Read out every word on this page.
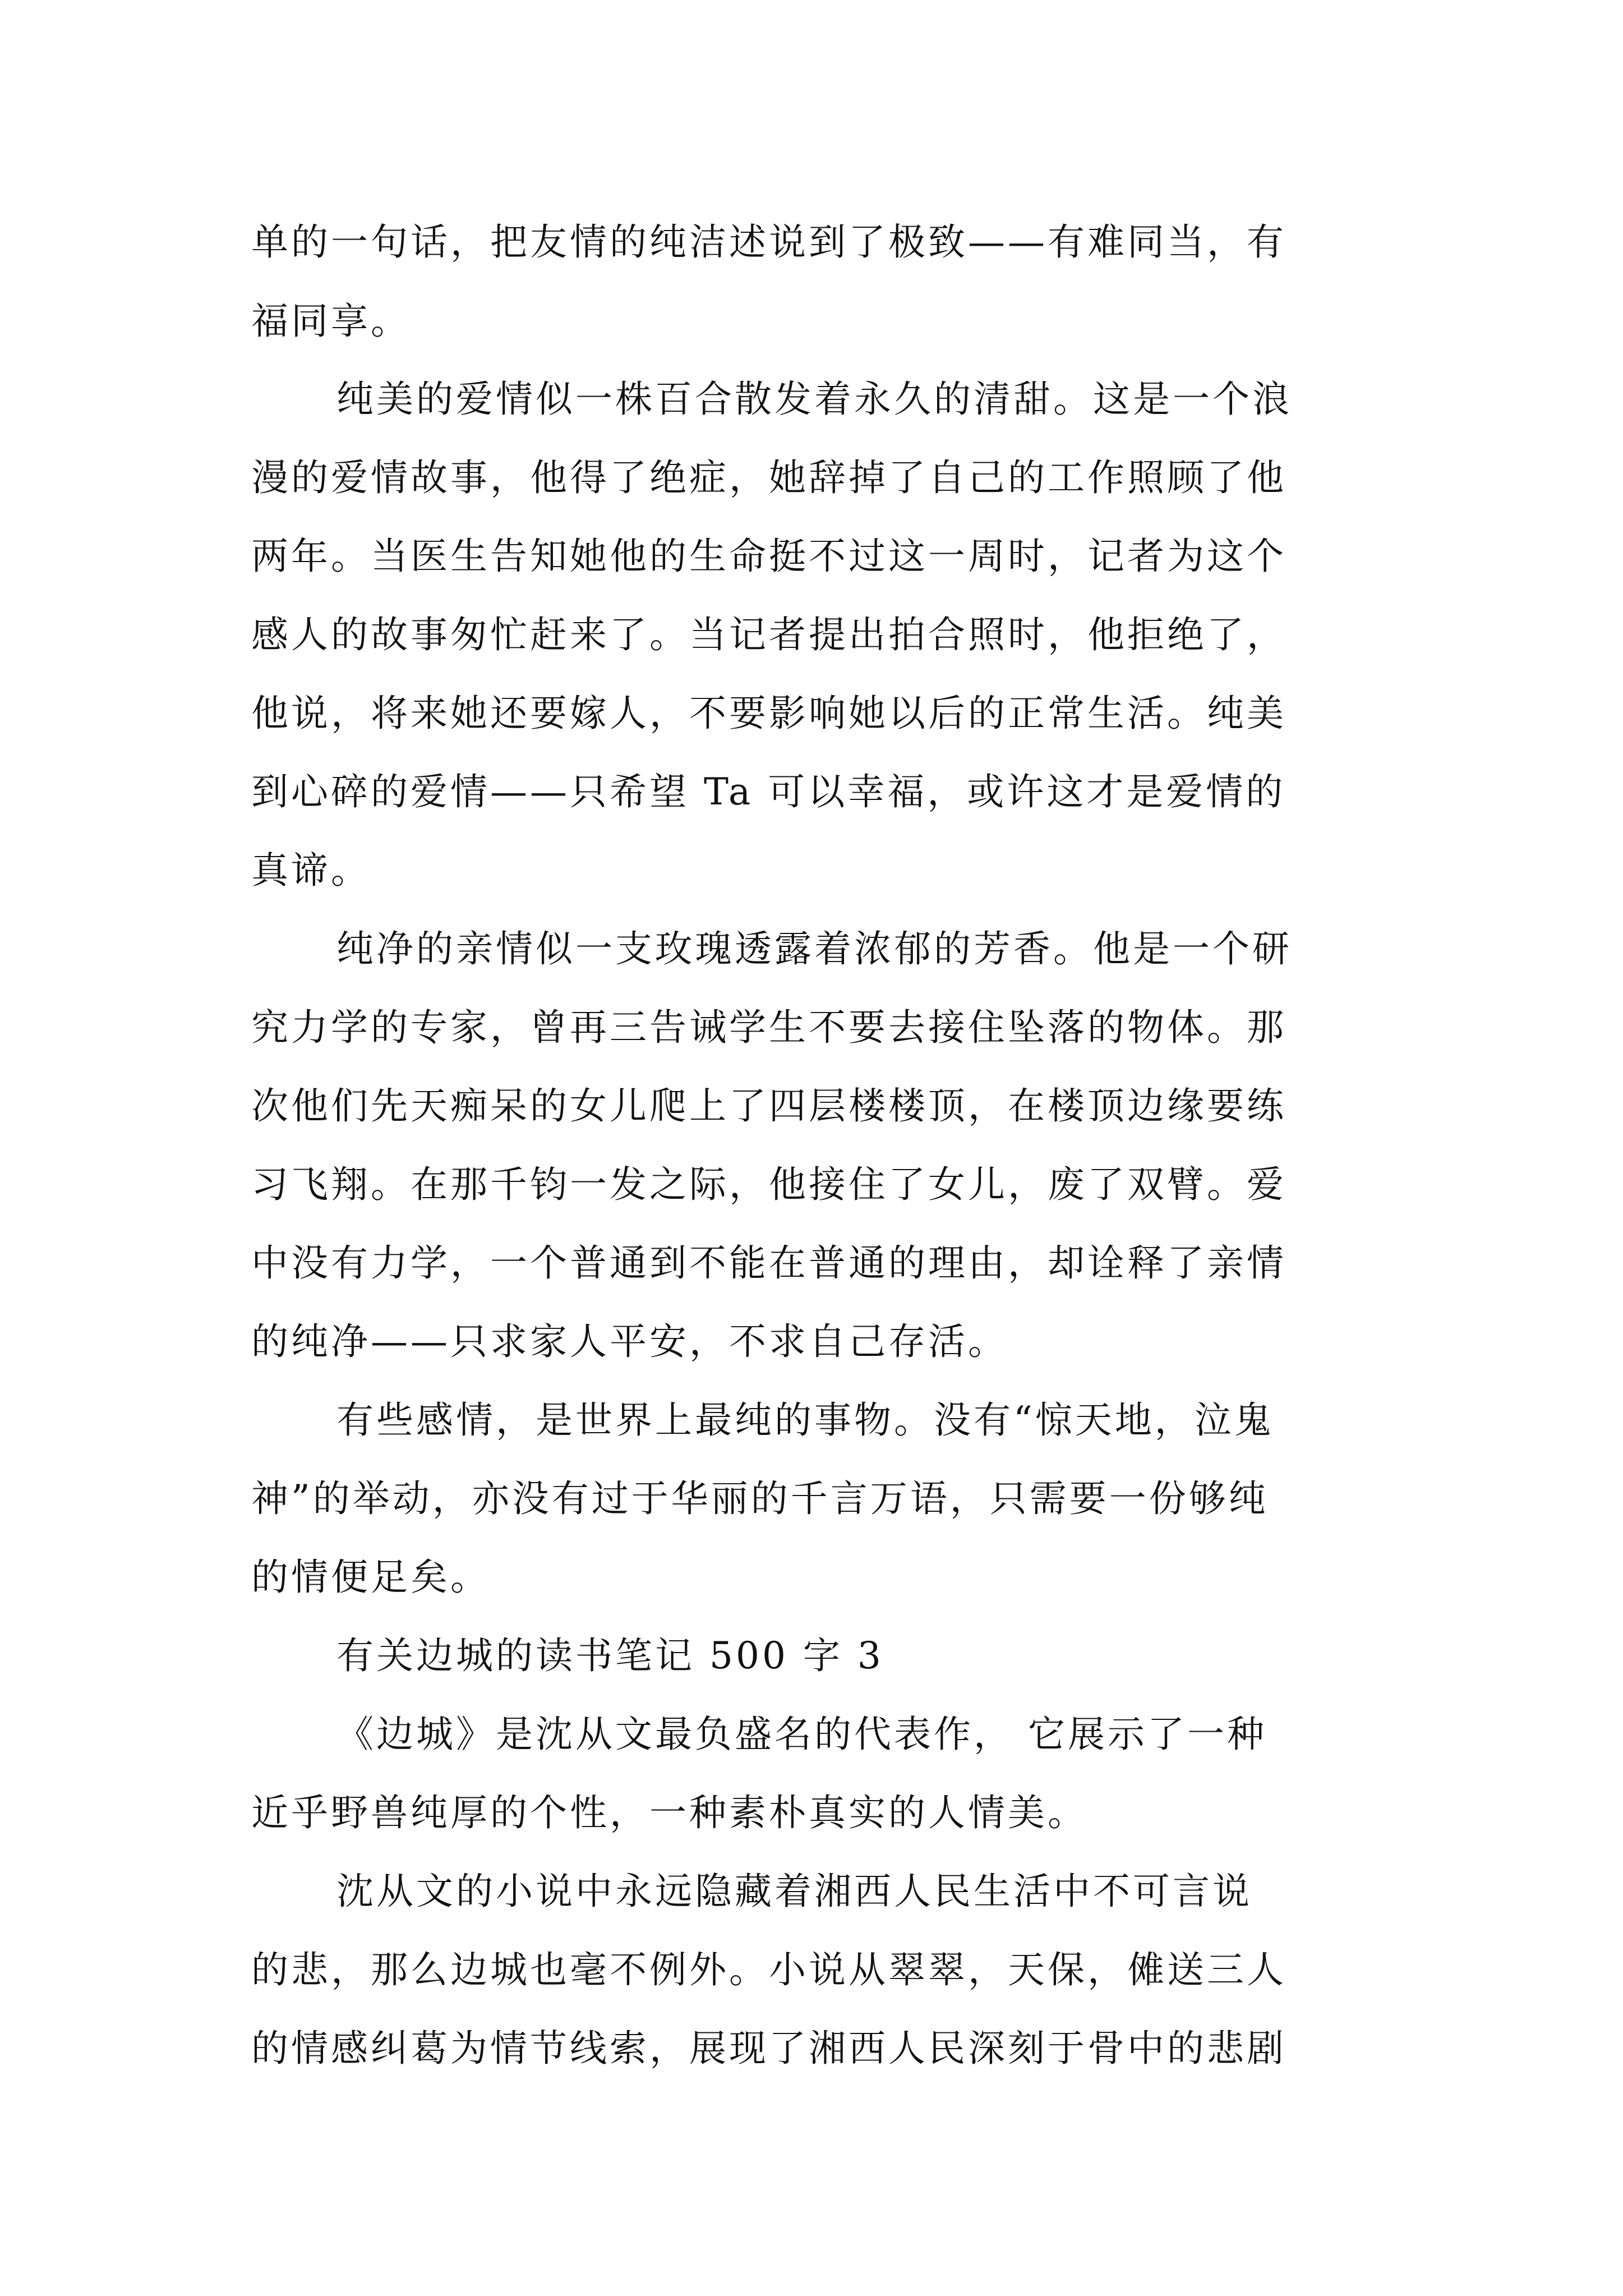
单的一句话，把友情的纯洁述说到了极致——有难同当，有
福同享。
纯美的爱情似一株百合散发着永久的清甜。这是一个浪
漫的爱情故事，他得了绝症，她辞掉了自己的工作照顾了他
两年。当医生告知她他的生命挺不过这一周时，记者为这个
感人的故事匆忙赶来了。当记者提出拍合照时，他拒绝了，
他说，将来她还要嫁人，不要影响她以后的正常生活。纯美
到心碎的爱情——只希望 Ta 可以幸福，或许这才是爱情的
真谛。
纯净的亲情似一支玫瑰透露着浓郁的芳香。他是一个研
究力学的专家，曾再三告诫学生不要去接住坠落的物体。那
次他们先天痴呆的女儿爬上了四层楼楼顶，在楼顶边缘要练
习飞翔。在那千钧一发之际，他接住了女儿，废了双臂。爱
中没有力学，一个普通到不能在普通的理由，却诠释了亲情
的纯净——只求家人平安，不求自己存活。
有些感情，是世界上最纯的事物。没有“惊天地，泣鬼
神”的举动，亦没有过于华丽的千言万语，只需要一份够纯
的情便足矣。
有关边城的读书笔记 500 字 3
《边城》是沈从文最负盛名的代表作， 它展示了一种
近乎野兽纯厚的个性，一种素朴真实的人情美。
沈从文的小说中永远隐藏着湘西人民生活中不可言说
的悲，那么边城也毫不例外。小说从翠翠，天保，傩送三人
的情感纠葛为情节线索，展现了湘西人民深刻于骨中的悲剧
